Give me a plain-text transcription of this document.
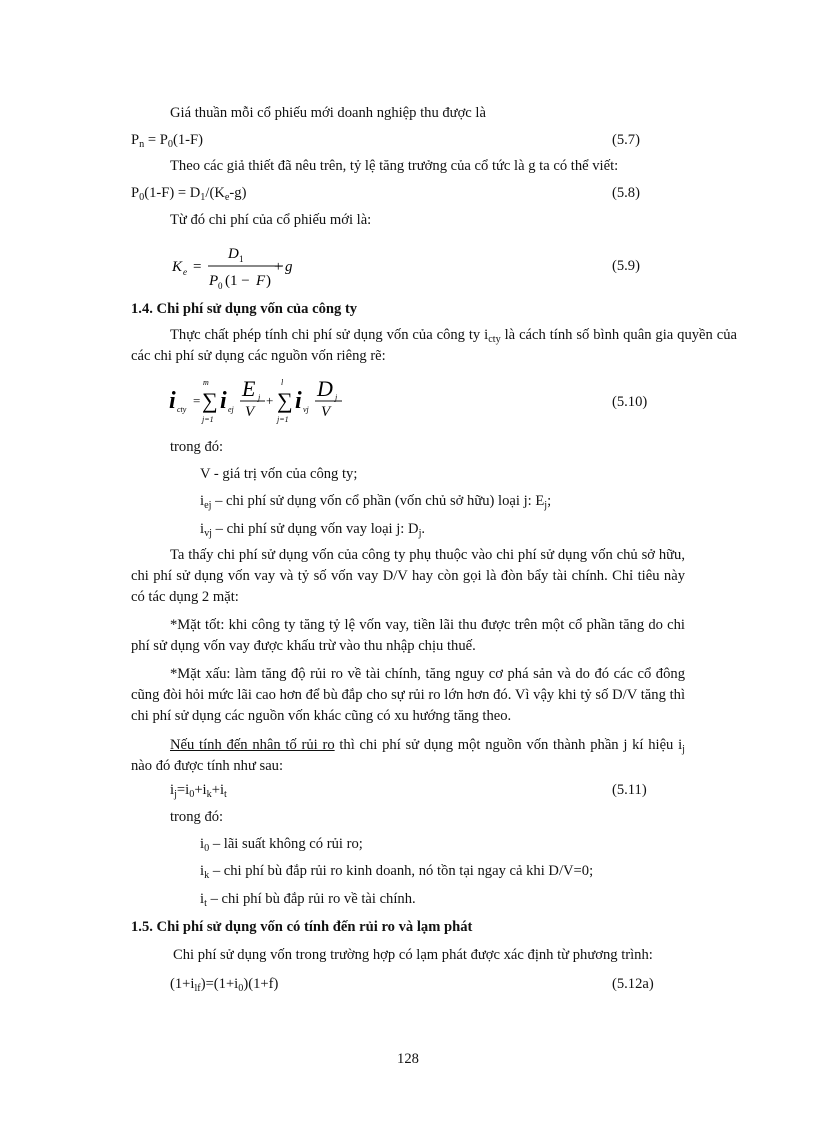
Giá thuần mỗi cổ phiếu mới doanh nghiệp thu được là
$P_n = P_0(1-F)$	(5.7)
Theo các giả thiết đã nêu trên, tỷ lệ tăng trưởng của cổ tức là g ta có thể viết:
$P_0(1-F) = D_1/(K_e-g)$	(5.8)
Từ đó chi phí của cổ phiếu mới là:
K e =
D 1
P 0 (1 − F )
+ g	(5.9)
1.4. Chi phí sử dụng vốn của công ty
Thực chất phép tính chi phí sử dụng vốn của công ty $i_{cty}$ là cách tính số bình quân gia quyền của các chi phí sử dụng các nguồn vốn riêng rẽ:
i cty
=
m
∑
j=1
i ej
E j
V
+
l
∑
j=1
i vj
D j
V
(5.10)
trong đó:
V - giá trị vốn của công ty;
$i_{ej}$ – chi phí sử dụng vốn cổ phần (vốn chủ sở hữu) loại j: $E_j$;
$i_{vj}$ – chi phí sử dụng vốn vay loại j: $D_j$.
Ta thấy chi phí sử dụng vốn của công ty phụ thuộc vào chi phí sử dụng vốn chủ sở hữu, chi phí sử dụng vốn vay và tỷ số vốn vay D/V hay còn gọi là đòn bẩy tài chính. Chỉ tiêu này có tác dụng 2 mặt:
*Mặt tốt: khi công ty tăng tỷ lệ vốn vay, tiền lãi thu được trên một cổ phần tăng do chi phí sử dụng vốn vay được khấu trừ vào thu nhập chịu thuế.
*Mặt xấu: làm tăng độ rủi ro về tài chính, tăng nguy cơ phá sản và do đó các cổ đông cũng đòi hỏi mức lãi cao hơn để bù đắp cho sự rủi ro lớn hơn đó. Vì vậy khi tỷ số D/V tăng thì chi phí sử dụng các nguồn vốn khác cũng có xu hướng tăng theo.
Nếu tính đến nhân tố rủi ro thì chi phí sử dụng một nguồn vốn thành phần j kí hiệu $i_j$ nào đó được tính như sau:
$i_j=i_0+i_k+i_t$	(5.11)
trong đó:
$i_0$ – lãi suất không có rủi ro;
$i_k$ – chi phí bù đắp rủi ro kinh doanh, nó tồn tại ngay cả khi D/V=0;
$i_t$ – chi phí bù đắp rủi ro về tài chính.
1.5. Chi phí sử dụng vốn có tính đến rủi ro và lạm phát
Chi phí sử dụng vốn trong trường hợp có lạm phát được xác định từ phương trình:
$(1+i_{lf})=(1+i_0)(1+f)$	(5.12a)
128
